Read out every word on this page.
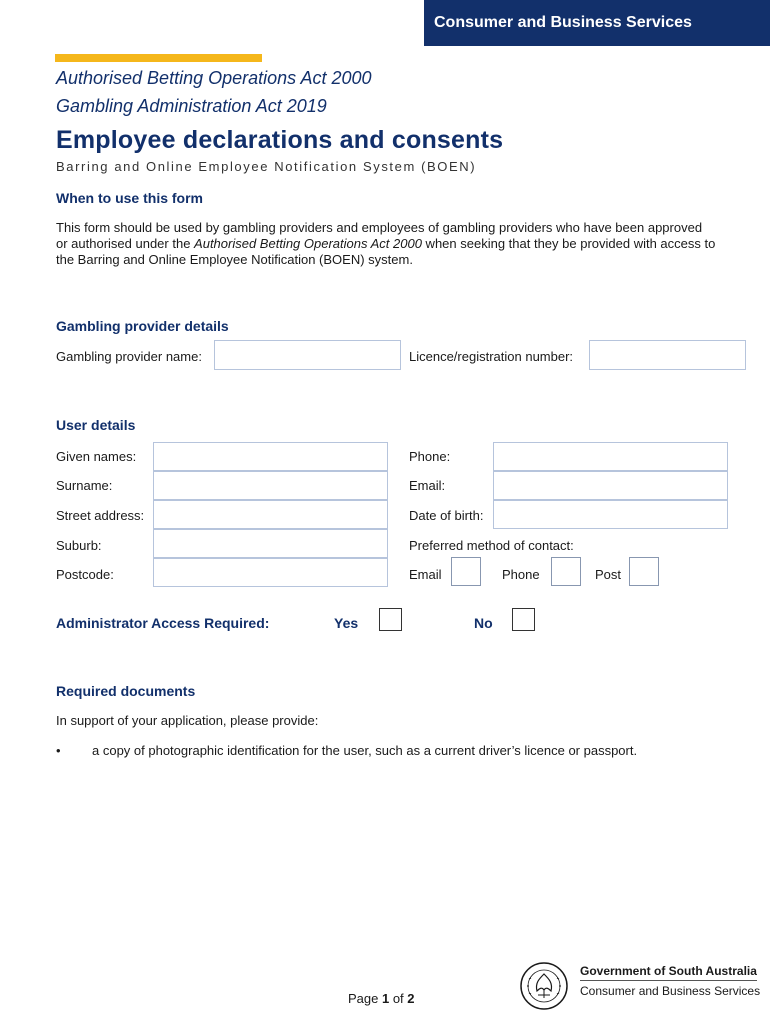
Consumer and Business Services
Authorised Betting Operations Act 2000
Gambling Administration Act 2019
Employee declarations and consents
Barring and Online Employee Notification System (BOEN)
When to use this form
This form should be used by gambling providers and employees of gambling providers who have been approved or authorised under the Authorised Betting Operations Act 2000 when seeking that they be provided with access to the Barring and Online Employee Notification (BOEN) system.
Gambling provider details
Gambling provider name:	Licence/registration number:
User details
Given names:	Phone:
Surname:	Email:
Street address:	Date of birth:
Suburb:	Preferred method of contact:
Postcode:	Email	Phone	Post
Administrator Access Required:	Yes	No
Required documents
In support of your application, please provide:
• a copy of photographic identification for the user, such as a current driver’s licence or passport.
Page 1 of 2
Government of South Australia
Consumer and Business Services
